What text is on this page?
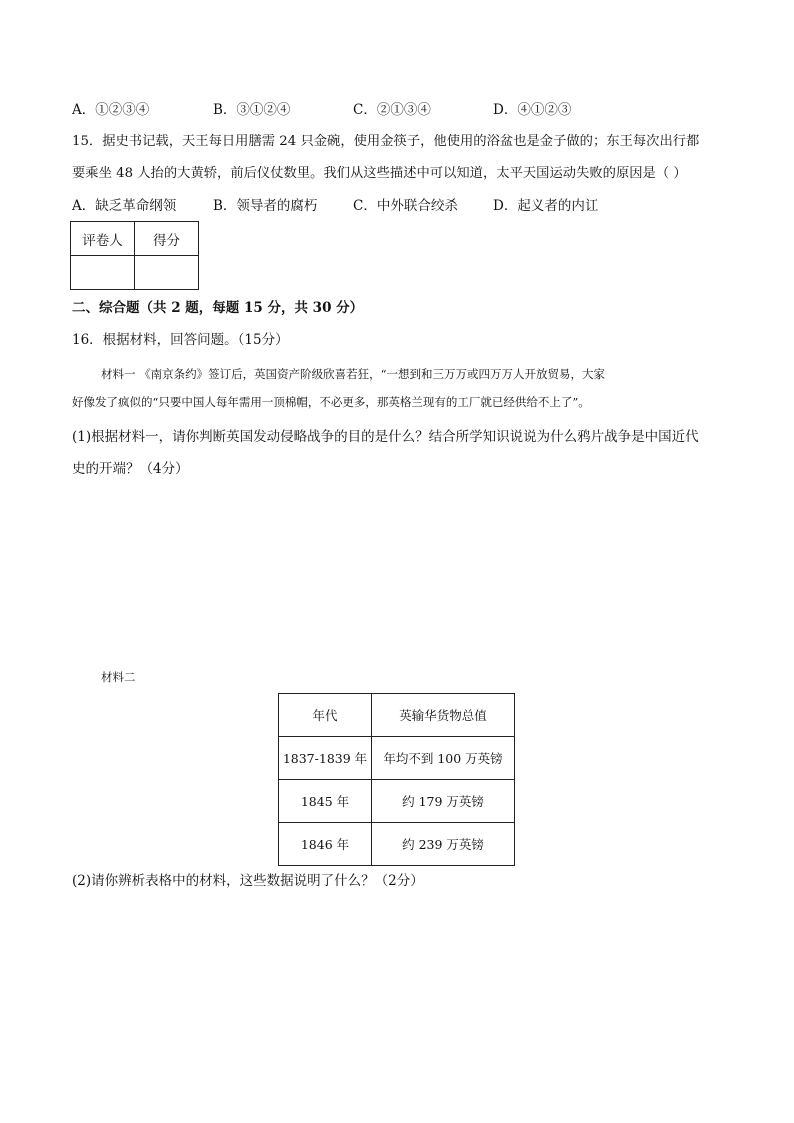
A．①②③④	B．③①②④	C．②①③④	D．④①②③
15．据史书记载，天王每日用膳需 24 只金碗，使用金筷子，他使用的浴盆也是金子做的；东王每次出行都
要乘坐 48 人抬的大黄轿，前后仪仗数里。我们从这些描述中可以知道，太平天国运动失败的原因是（ ）
A．缺乏革命纲领	B．领导者的腐朽	C．中外联合绞杀	D．起义者的内讧
评卷人	得分

二、综合题（共 2 题，每题 15 分，共 30 分）
16．根据材料，回答问题。（15分）
材料一 《南京条约》签订后，英国资产阶级欣喜若狂，“一想到和三万万或四万万人开放贸易，大家
好像发了疯似的“只要中国人每年需用一顶棉帽，不必更多，那英格兰现有的工厂就已经供给不上了”。
(1)根据材料一，请你判断英国发动侵略战争的目的是什么？结合所学知识说说为什么鸦片战争是中国近代
史的开端？（4分）
材料二
年代	英输华货物总值
1837-1839 年	年均不到 100 万英镑
1845 年	约 179 万英镑
1846 年	约 239 万英镑
(2)请你辨析表格中的材料，这些数据说明了什么？（2分）
